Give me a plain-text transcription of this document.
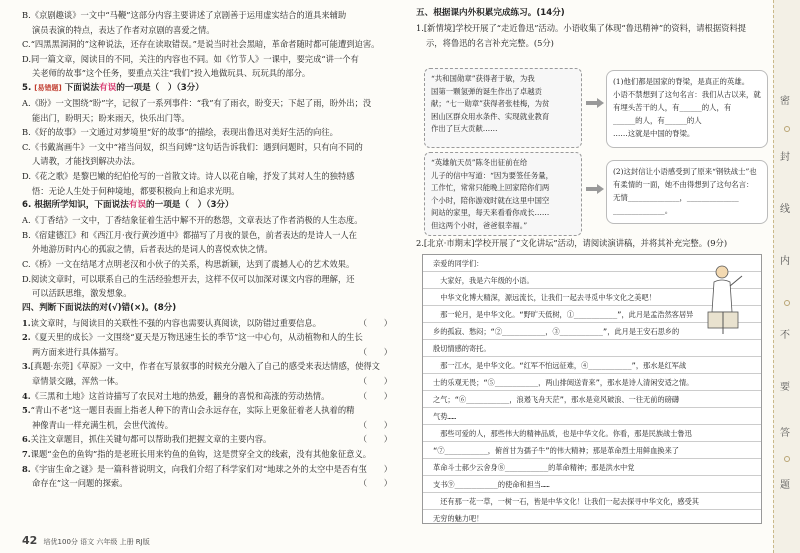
B.《京剧趣谈》一文中“马鞭”这部分内容主要讲述了京剧善于运用虚实结合的道具来辅助

演员表演的特点，表达了作者对京剧的喜爱之情。

C.“四黑黑洞洞的”这种说法，还存在读取错误。”是说当时社会黑暗，革命者随时都可能遭到迫害。

D.同一篇文章，阅读目的不同，关注的内容也不同。如《竹节人》一课中，要完成“讲一个有

关老师的故事”这个任务，要重点关注“我们”投入地做玩具、玩玩具的部分。

5. [易错题] 下面说法有误的一项是（　）（3分）

A.《盼》一文围绕“盼”字，记叙了一系列事件：“我”有了雨衣，盼变天；下起了雨，盼外出；没

能出门，盼明天；盼来雨天，快乐出门等。

B.《好的故事》一文通过对梦境里“好的故事”的描绘，表现出鲁迅对美好生活的向往。

C.《书戴嵩画牛》一文中“褚当问奴，织当问婢”这句话告诉我们：遇到问题时，只有向不同的

人请教，才能找到解决办法。

D.《花之歌》是黎巴嫩的纪伯伦写的一首散文诗。诗人以花自喻，抒发了其对人生的独特感

悟：无论人生处于何种境地，都要积极向上和追求光明。

6. 根据所学知识，下面说法有误的一项是（　）（3分）

A.《丁香结》一文中，丁香结象征着生活中解不开的愁怨，文章表达了作者消极的人生态度。

B.《宿建德江》和《西江月·夜行黄沙道中》都描写了月夜的景色，前者表达的是诗人一人在

外地游历时内心的孤寂之情，后者表达的是词人的喜悦欢快之情。

C.《桥》一文在结尾才点明老汉和小伙子的关系，构思新颖，达到了震撼人心的艺术效果。

D.阅读文章时，可以联系自己的生活经验想开去，这样不仅可以加深对课文内容的理解，还

可以活跃思维，激发想象。

四、判断下面说法的对(√)错(×)。(8分)

1.读文章时，与阅读目的关联性不强的内容也需要认真阅读，以防错过重要信息。	（　　）
2.《夏天里的成长》一文围绕“夏天是万物迅速生长的季节”这一中心句，从动植物和人的生长
两方面来进行具体描写。	（　　）
3.[真题·东莞]《草原》一文中，作者在写景叙事的时候充分融入了自己的感受来表达情感，使得文
章情景交融，浑然一体。	（　　）
4.《三黑和土地》这首诗描写了农民对土地的热爱，翻身的喜悦和高涨的劳动热情。	（　　）
5.“青山不老”这一题目表面上指老人种下的青山会永远存在，实际上更象征着老人执着的精
神像青山一样充满生机，会世代流传。	（　　）
6.关注文章题目，抓住关键句都可以帮助我们把握文章的主要内容。	（　　）
7.课题“金色的鱼钩”指的是老班长用来钓鱼的鱼钩，这是贯穿全文的线索，没有其他象征意义。
（　　）
8.《宇宙生命之谜》是一篇科普说明文，向我们介绍了科学家们对“地球之外的太空中是否有生
命存在”这一问题的探索。	（　　）
42 培优100分 语文 六年级 上册 RJ版

五、根据课内外积累完成练习。(14分)

1.[新情境]学校开展了“走近鲁迅”活动。小语收集了体现“鲁迅精神”的资料，请根据资料提

示，将鲁迅的名言补充完整。(5分)

2.[北京·市期末]学校开展了“文化讲坛”活动，请阅读演讲稿，并将其补充完整。(9分)

“共和国勋章”获得者于敏，为我

国第一颗氢弹的诞生作出了卓越贡

献；“七一勋章”获得者张桂梅，为贫

困山区群众用水条件、实现就业教育

作出了巨大贡献……

(1)他们都是国家的脊梁，是真正的英雄。

小语不禁想到了这句名言：我们从古以来，就

有埋头苦干的人，有______的人，有

______的人，有______的人

……这就是中国的脊梁。

“英雄航天员”陈冬出征前在给

儿子的信中写道：“因为要签任务量，

工作忙，常常只能晚上回家陪你们两

个小时，陪你游戏时就在这里中国空

间站的家里，每天来看看你成长……

但这两个小时，爸爸很幸福。”

(2)这封信让小语感受到了原来“钢铁战士”也

有柔情的一面，她不由得想到了这句名言：

无情______________，______________

______________。

亲爱的同学们：

　大家好，我是六年级的小语。

　中华文化博大精深，源远流长，让我们一起去寻觅中华文化之美吧！

　那一轮月，是中华文化。“野旷天低树，①__________”，此月是孟浩然客居异

乡的孤寂、愁闷；“②__________，③__________”，此月是王安石思乡的

殷切情感的寄托。

　那一江水，是中华文化。“红军不怕远征难，④__________”，那水是红军战

士的乐观无畏；“⑤__________，两山排闼送青来”，那水是诗人清闲安适之情。

之气；“⑥__________，浪遏飞舟天茫”，那水是竞风破浪、一往无前的磅礴

气势……

　那些可爱的人，那些伟大的精神品质，也是中华文化。你看，那是民族战士鲁迅

“⑦__________，俯首甘为孺子牛”的伟大精神；那是革命烈士用鲜血换来了

革命斗士郝少云舍身⑧__________的革命精神；那是洪水中党

支书⑨__________的使命和担当……

　还有那一花一草，一树一石，皆是中华文化！让我们一起去探寻中华文化，感受其

无穷的魅力吧！

密
封
线
内
不
要
答
题
